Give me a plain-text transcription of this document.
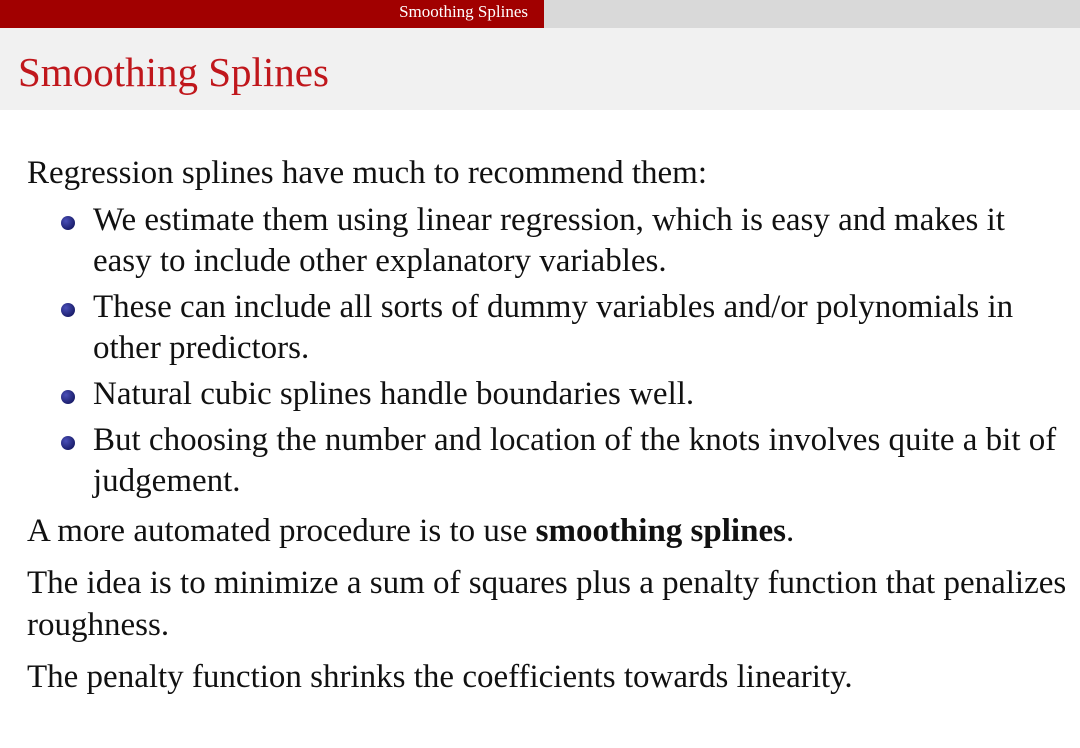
Smoothing Splines
Smoothing Splines

Regression splines have much to recommend them:

We estimate them using linear regression, which is easy and makes it easy to include other explanatory variables.
These can include all sorts of dummy variables and/or polynomials in other predictors.
Natural cubic splines handle boundaries well.
But choosing the number and location of the knots involves quite a bit of judgement.

A more automated procedure is to use smoothing splines.

The idea is to minimize a sum of squares plus a penalty function that penalizes roughness.

The penalty function shrinks the coefficients towards linearity.
